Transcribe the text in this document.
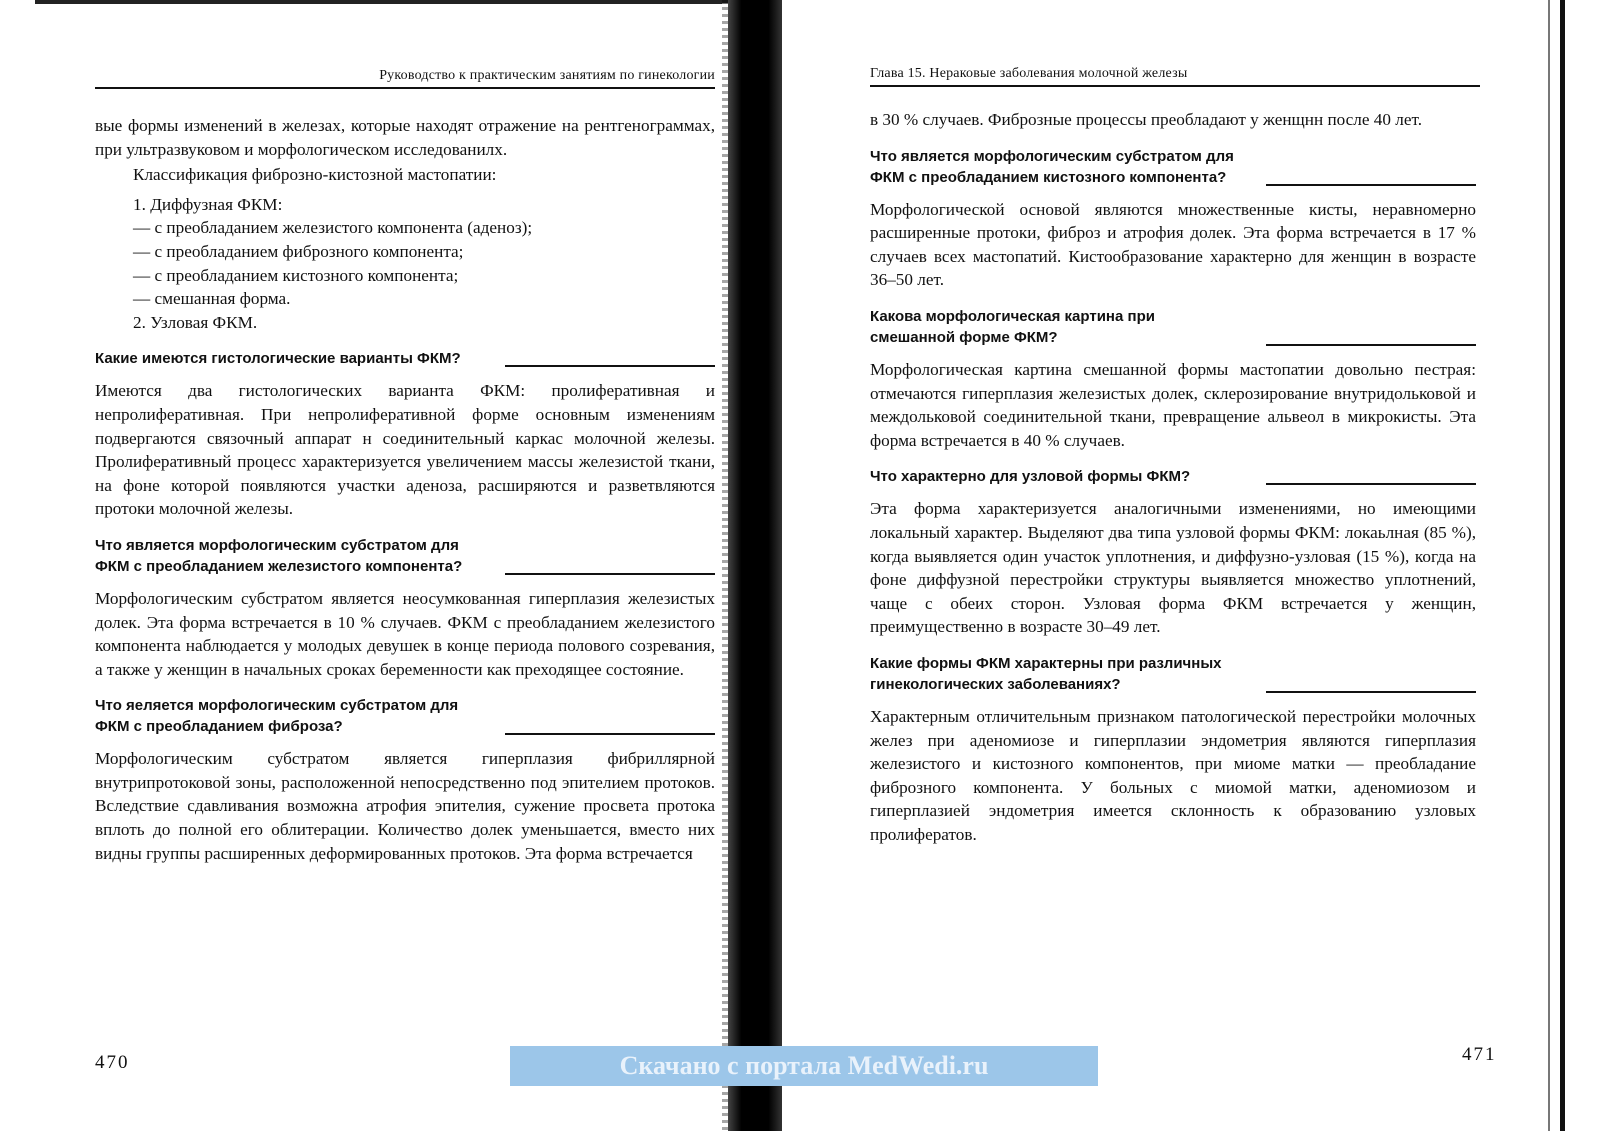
Руководство к практическим занятиям по гинекологии

вые формы изменений в железах, которые находят отражение на рентгенограммах, при ультразвуковом и морфологическом исследованилх.

Классификация фиброзно-кистозной мастопатии:

1. Диффузная ФКМ:
— с преобладанием железистого компонента (аденоз);
— с преобладанием фиброзного компонента;
— с преобладанием кистозного компонента;
— смешанная форма.
2. Узловая ФКМ.
Какие имеются гистологические варианты ФКМ?

Имеются два гистологических варианта ФКМ: пролиферативная и непролиферативная. При непролиферативной форме основным изменениям подвергаются связочный аппарат н соединительный каркас молочной железы. Пролиферативный процесс характеризуется увеличением массы железистой ткани, на фоне которой появляются участки аденоза, расширяются и разветвляются протоки молочной железы.

Что является морфологическим субстратом для ФКМ с преобладанием железистого компонента?

Морфологическим субстратом является неосумкованная гиперплазия железистых долек. Эта форма встречается в 10 % случаев. ФКМ с преобладанием железистого компонента наблюдается у молодых девушек в конце периода полового созревания, а также у женщин в начальных сроках беременности как преходящее состояние.

Что яеляется морфологическим субстратом для ФКМ с преобладанием фиброза?

Морфологическим субстратом является гиперплазия фибриллярной внутрипротоковой зоны, расположенной непосредственно под эпителием протоков. Вследствие сдавливания возможна атрофия эпителия, сужение просвета протока вплоть до полной его облитерации. Количество долек уменьшается, вместо них видны группы расширенных деформированных протоков. Эта форма встречается

470
Глава 15. Нераковые заболевания молочной железы

в 30 % случаев. Фиброзные процессы преобладают у женщнн после 40 лет.

Что является морфологическим субстратом для ФКМ с преобладанием кистозного компонента?

Морфологической основой являются множественные кисты, неравномерно расширенные протоки, фиброз и атрофия долек. Эта форма встречается в 17 % случаев всех мастопатий. Кистообразование характерно для женщин в возрасте 36–50 лет.

Какова морфологическая картина при смешанной форме ФКМ?

Морфологическая картина смешанной формы мастопатии довольно пестрая: отмечаются гиперплазия железистых долек, склерозирование внутридольковой и междольковой соединительной ткани, превращение альвеол в микрокисты. Эта форма встречается в 40 % случаев.

Что характерно для узловой формы ФКМ?

Эта форма характеризуется аналогичными изменениями, но имеющими локальный характер. Выделяют два типа узловой формы ФКМ: локаьлная (85 %), когда выявляется один участок уплотнения, и диффузно-узловая (15 %), когда на фоне диффузной перестройки структуры выявляется множество уплотнений, чаще с обеих сторон. Узловая форма ФКМ встречается у женщин, преимущественно в возрасте 30–49 лет.

Какие формы ФКМ характерны при различных гинекологических заболеваниях?

Характерным отличительным признаком патологической перестройки молочных желез при аденомиозе и гиперплазии эндометрия являются гиперплазия железистого и кистозного компонентов, при миоме матки — преобладание фиброзного компонента. У больных с миомой матки, аденомиозом и гиперплазией эндометрия имеется склонность к образованию узловых пролифератов.

471
Скачано с портала MedWedi.ru
